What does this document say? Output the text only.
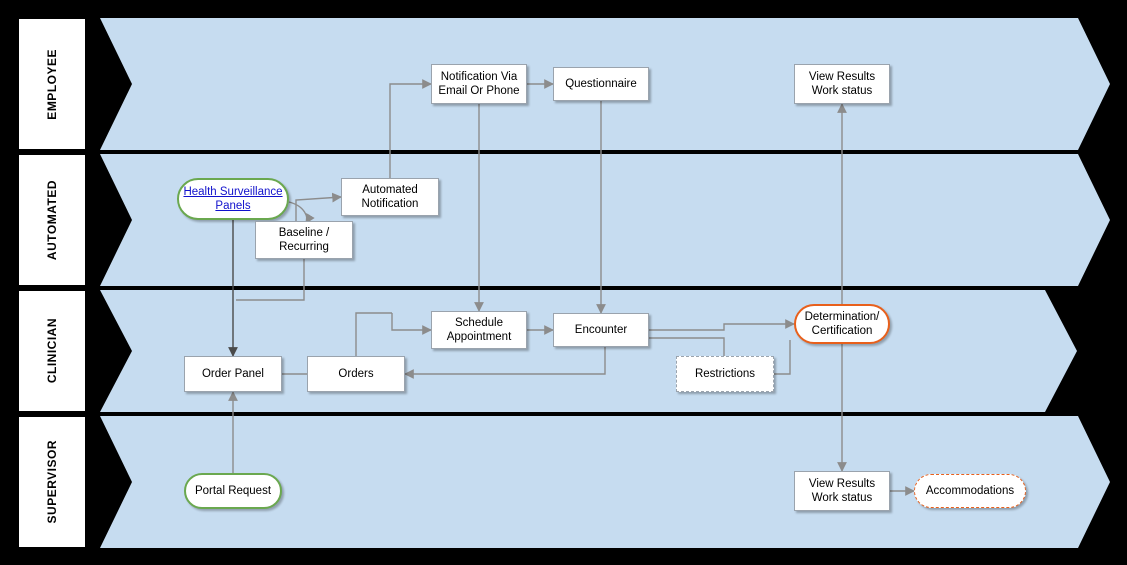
EMPLOYEE
AUTOMATED
CLINICIAN
SUPERVISOR
Notification Via Email Or Phone
Questionnaire
View Results Work status
Health Surveillance Panels
Automated Notification
Baseline / Recurring
Schedule Appointment
Encounter
Determination/ Certification
Order Panel	Orders	Restrictions
Portal Request
View Results Work status
Accommodations
